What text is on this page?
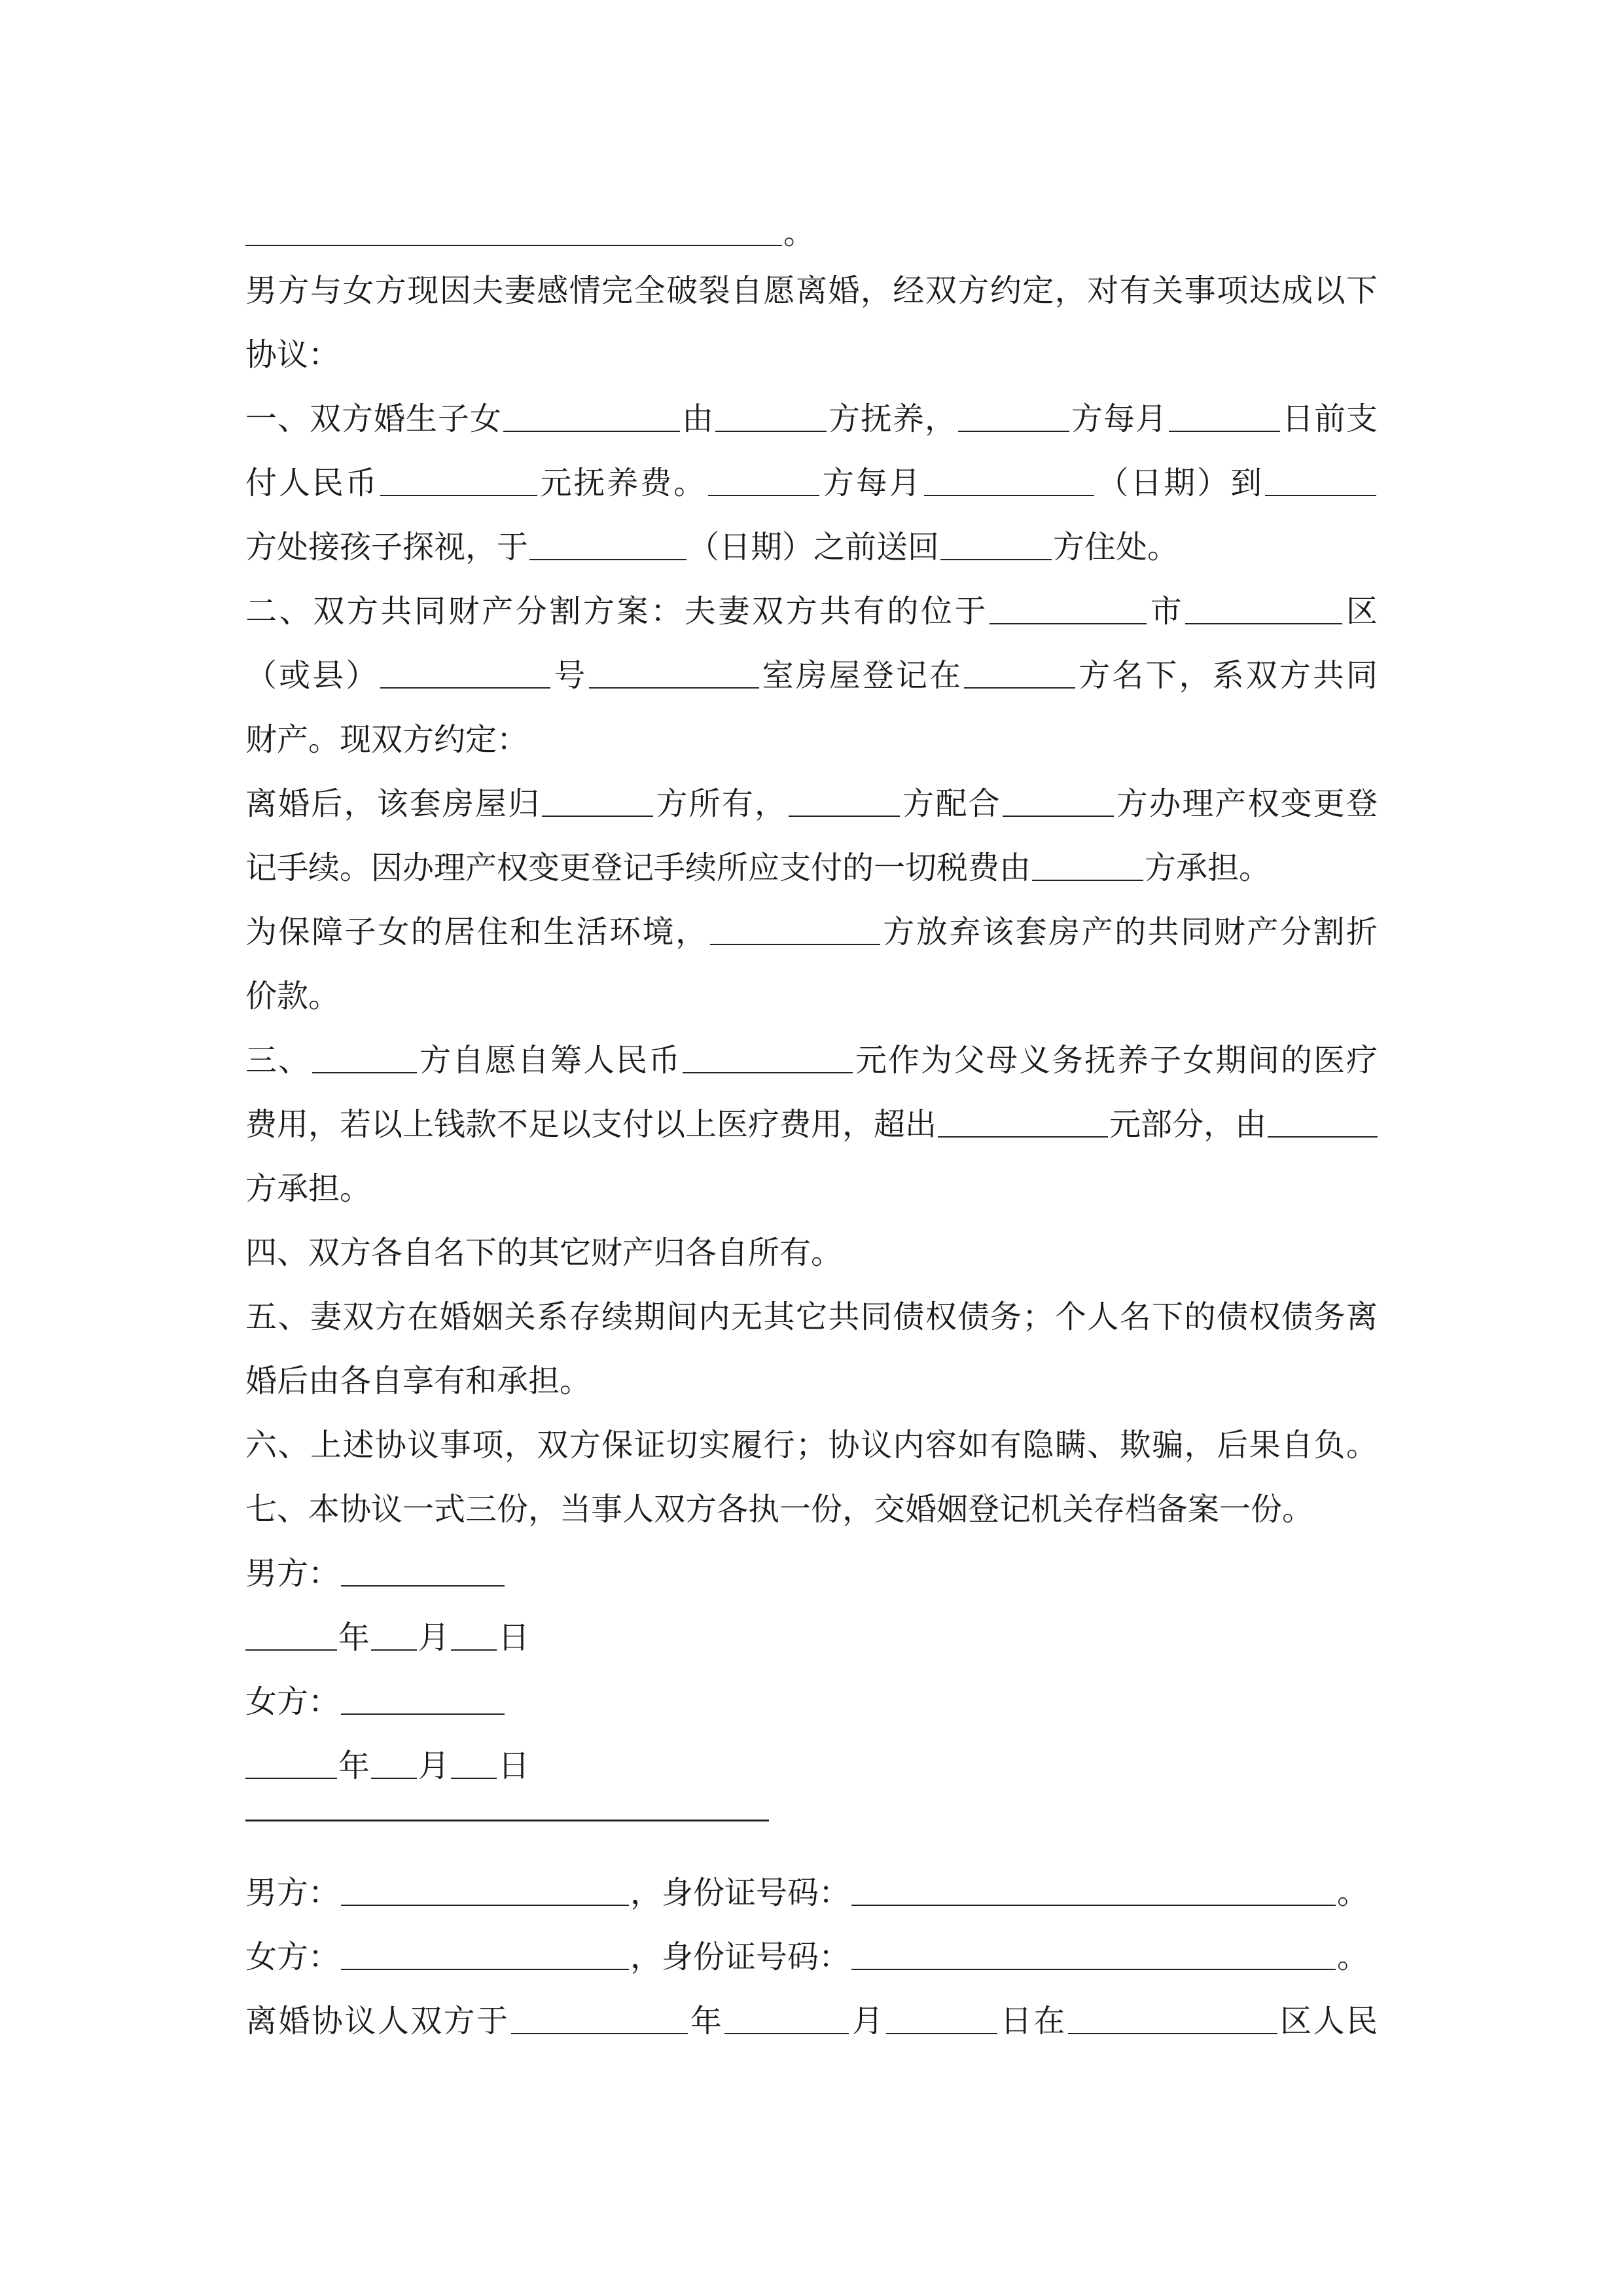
。
男方与女方现因夫妻感情完全破裂自愿离婚，经双方约定，对有关事项达成以下
协议：
一、双方婚生子女	由	方抚养，	方每月	日前支
付人民币	元抚养费。	方每月	（日期）到
方处接孩子探视，于	（日期）之前送回	方住处。
二、双方共同财产分割方案：夫妻双方共有的位于	市	区
（或县）	号	室房屋登记在	方名下，系双方共同
财产。现双方约定：
离婚后，该套房屋归	方所有，	方配合	方办理产权变更登
记手续。因办理产权变更登记手续所应支付的一切税费由	方承担。
为保障子女的居住和生活环境，	方放弃该套房产的共同财产分割折
价款。
三、	方自愿自筹人民币	元作为父母义务抚养子女期间的医疗
费用，若以上钱款不足以支付以上医疗费用，超出	元部分，由
方承担。
四、双方各自名下的其它财产归各自所有。
五、妻双方在婚姻关系存续期间内无其它共同债权债务；个人名下的债权债务离
婚后由各自享有和承担。
六、上述协议事项，双方保证切实履行；协议内容如有隐瞒、欺骗，后果自负。
七、本协议一式三份，当事人双方各执一份，交婚姻登记机关存档备案一份。
男方：
年 月 日
女方：
年 月 日
男方：	，身份证号码：	。
女方：	，身份证号码：	。
离婚协议人双方于	年	月	日在	区人民
